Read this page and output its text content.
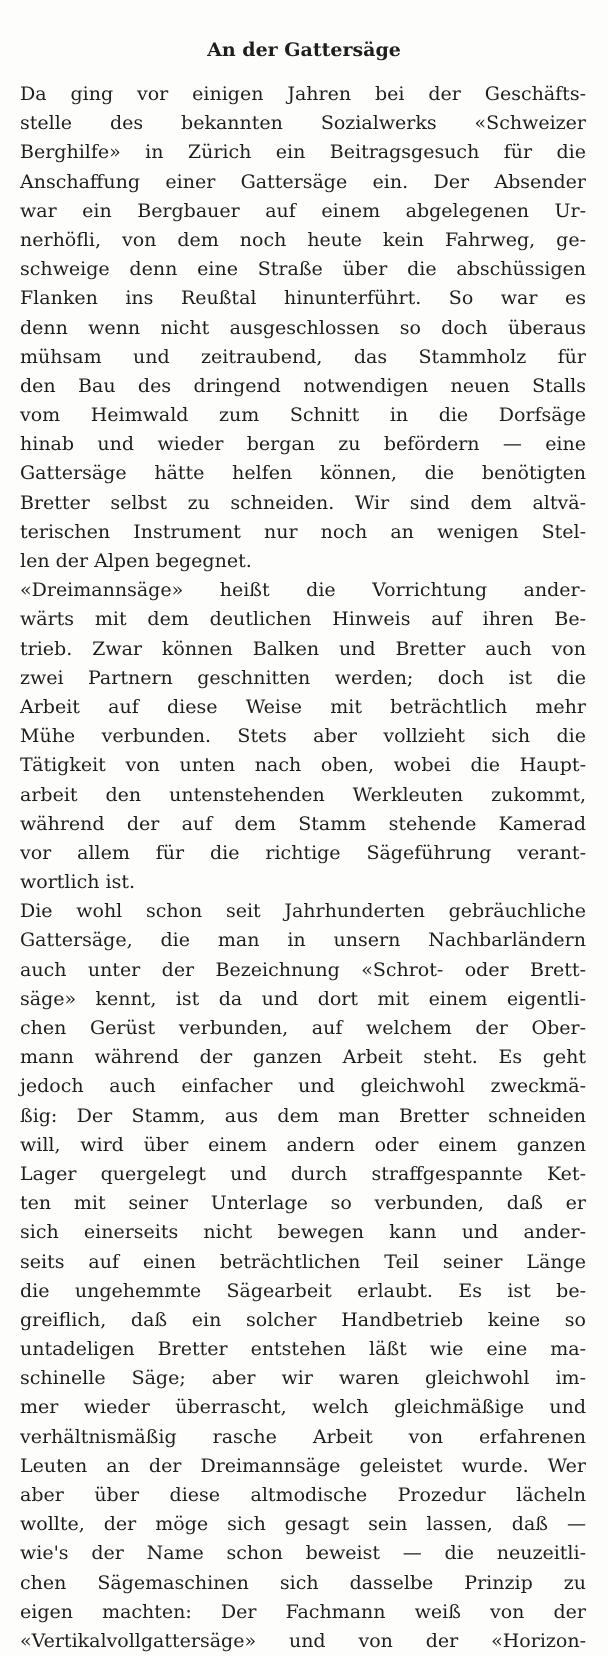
An der Gattersäge
Da ging vor einigen Jahren bei der Geschäfts-
stelle des bekannten Sozialwerks «Schweizer
Berghilfe» in Zürich ein Beitragsgesuch für die
Anschaffung einer Gattersäge ein. Der Absender
war ein Bergbauer auf einem abgelegenen Ur-
nerhöfli, von dem noch heute kein Fahrweg, ge-
schweige denn eine Straße über die abschüssigen
Flanken ins Reußtal hinunterführt. So war es
denn wenn nicht ausgeschlossen so doch überaus
mühsam und zeitraubend, das Stammholz für
den Bau des dringend notwendigen neuen Stalls
vom Heimwald zum Schnitt in die Dorfsäge
hinab und wieder bergan zu befördern — eine
Gattersäge hätte helfen können, die benötigten
Bretter selbst zu schneiden. Wir sind dem altvä-
terischen Instrument nur noch an wenigen Stel-
len der Alpen begegnet.
«Dreimannsäge» heißt die Vorrichtung ander-
wärts mit dem deutlichen Hinweis auf ihren Be-
trieb. Zwar können Balken und Bretter auch von
zwei Partnern geschnitten werden; doch ist die
Arbeit auf diese Weise mit beträchtlich mehr
Mühe verbunden. Stets aber vollzieht sich die
Tätigkeit von unten nach oben, wobei die Haupt-
arbeit den untenstehenden Werkleuten zukommt,
während der auf dem Stamm stehende Kamerad
vor allem für die richtige Sägeführung verant-
wortlich ist.
Die wohl schon seit Jahrhunderten gebräuchliche
Gattersäge, die man in unsern Nachbarländern
auch unter der Bezeichnung «Schrot- oder Brett-
säge» kennt, ist da und dort mit einem eigentli-
chen Gerüst verbunden, auf welchem der Ober-
mann während der ganzen Arbeit steht. Es geht
jedoch auch einfacher und gleichwohl zweckmä-
ßig: Der Stamm, aus dem man Bretter schneiden
will, wird über einem andern oder einem ganzen
Lager quergelegt und durch straffgespannte Ket-
ten mit seiner Unterlage so verbunden, daß er
sich einerseits nicht bewegen kann und ander-
seits auf einen beträchtlichen Teil seiner Länge
die ungehemmte Sägearbeit erlaubt. Es ist be-
greiflich, daß ein solcher Handbetrieb keine so
untadeligen Bretter entstehen läßt wie eine ma-
schinelle Säge; aber wir waren gleichwohl im-
mer wieder überrascht, welch gleichmäßige und
verhältnismäßig rasche Arbeit von erfahrenen
Leuten an der Dreimannsäge geleistet wurde. Wer
aber über diese altmodische Prozedur lächeln
wollte, der möge sich gesagt sein lassen, daß —
wie's der Name schon beweist — die neuzeitli-
chen Sägemaschinen sich dasselbe Prinzip zu
eigen machten: Der Fachmann weiß von der
«Vertikalvollgattersäge» und von der «Horizon-
